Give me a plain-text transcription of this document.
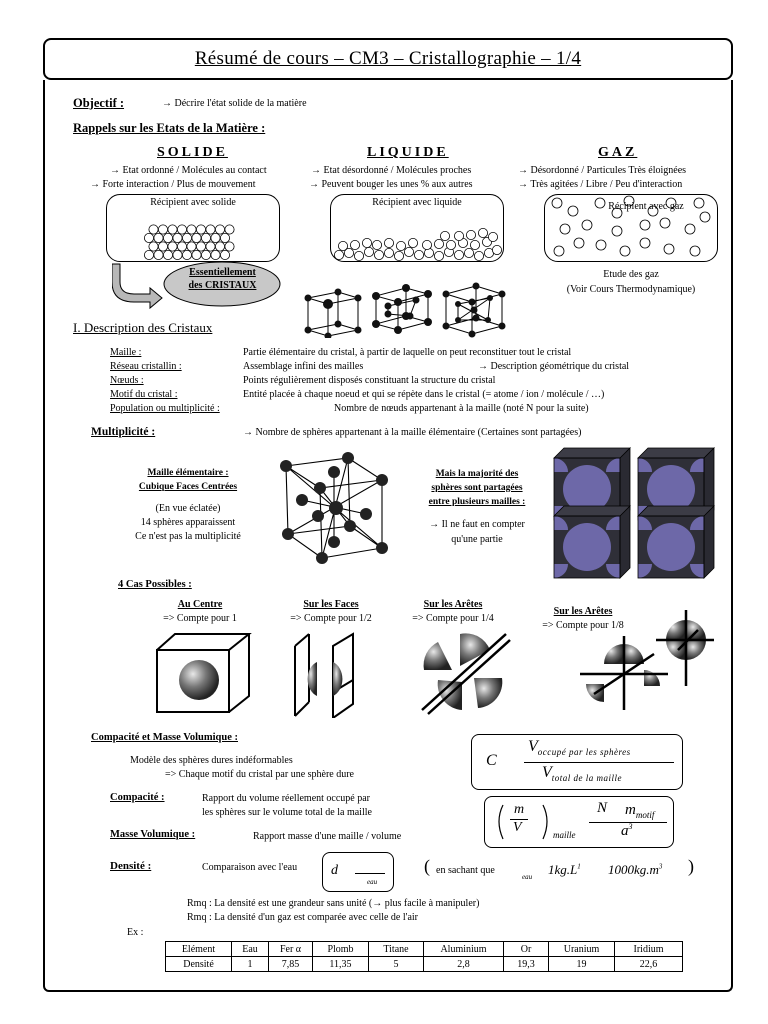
Résumé de cours – CM3 – Cristallographie – 1/4
Objectif :	→ Décrire l'état solide de la matière
Rappels sur les Etats de la Matière :
SOLIDE
→ Etat ordonné / Molécules au contact
→ Forte interaction / Plus de mouvement
LIQUIDE
→ Etat désordonné / Molécules proches
→ Peuvent bouger les unes % aux autres
GAZ
→ Désordonné / Particules Très éloignées
→ Très agitées / Libre / Peu d'interaction
Récipient avec solide	Récipient avec liquide	Récipient avec gaz
Essentiellement
des CRISTAUX
Etude des gaz
(Voir Cours Thermodynamique)
I. Description des Cristaux
Maille :	Partie élémentaire du cristal, à partir de laquelle on peut reconstituer tout le cristal
Réseau cristallin :	Assemblage infini des mailles	→ Description géométrique du cristal
Nœuds :	Points régulièrement disposés constituant la structure du cristal
Motif du cristal :	Entité placée à chaque noeud et qui se répète dans le cristal (= atome / ion / molécule / …)
Population ou multiplicité :	Nombre de nœuds appartenant à la maille (noté N pour la suite)
Multiplicité :	→ Nombre de sphères appartenant à la maille élémentaire (Certaines sont partagées)
Maille élémentaire :
Cubique Faces Centrées
(En vue éclatée)
14 sphères apparaissent
Ce n'est pas la multiplicité
Mais la majorité des
sphères sont partagées
entre plusieurs mailles :
→ Il ne faut en compter
qu'une partie
4 Cas Possibles :
Au Centre
=> Compte pour 1
Sur les Faces
=> Compte pour 1/2
Sur les Arêtes
=> Compte pour 1/4
Sur les Arêtes
=> Compte pour 1/8
Compacité et Masse Volumique :
Modèle des sphères dures indéformables
=> Chaque motif du cristal par une sphère dure
C
$V_{occupé par les sphères}$
$V_{total de la maille}$
Compacité :	Rapport du volume réellement occupé par
les sphères sur le volume total de la maille	m
V	maille
N $m_{motif}$
$a^3$
Masse Volumique :	Rapport masse d'une maille / volume
Densité :	Comparaison avec l'eau d
eau
( en sachant que
eau $1kg.L^1$ $1000kg.m^3$ )
Rmq : La densité est une grandeur sans unité (→ plus facile à manipuler)
Rmq : La densité d'un gaz est comparée avec celle de l'air
Ex :
Elément	Eau	Fer α	Plomb	Titane	Aluminium	Or	Uranium	Iridium
Densité	1	7,85	11,35	5	2,8	19,3	19	22,6
